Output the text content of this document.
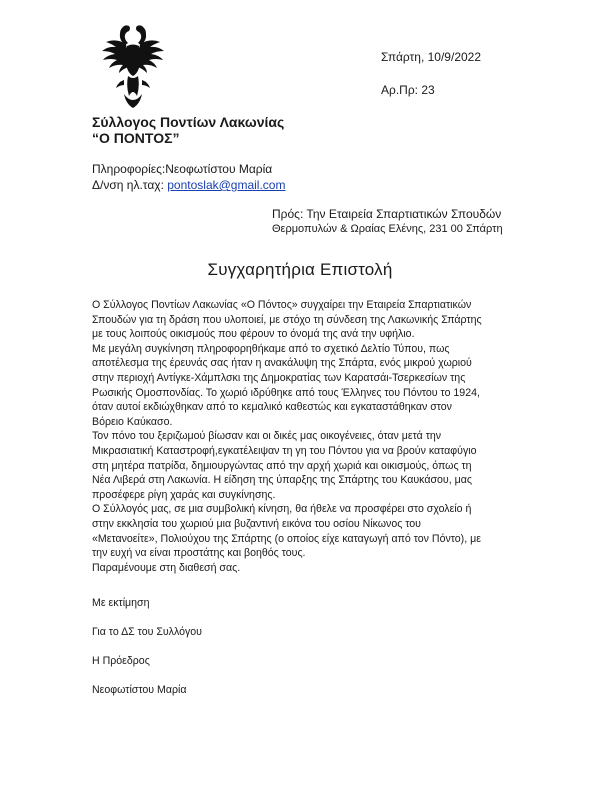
Σπάρτη, 10/9/2022
Αρ.Πρ: 23
Σύλλογος Ποντίων Λακωνίας
“Ο ΠΟΝΤΟΣ”
Πληροφορίες:Νεοφωτίστου Μαρία
Δ/νση ηλ.ταχ: pontoslak@gmail.com
Πρός: Την Εταιρεία Σπαρτιατικών Σπουδών
Θερμοπυλών & Ωραίας Ελένης, 231 00 Σπάρτη
Συγχαρητήρια Επιστολή
Ο Σύλλογος Ποντίων Λακωνίας «Ο Πόντος» συγχαίρει την Εταιρεία Σπαρτιατικών
Σπουδών για τη δράση που υλοποιεί, με στόχο τη σύνδεση της Λακωνικής Σπάρτης
με τους λοιπούς οικισμούς που φέρουν το όνομά της ανά την υφήλιο.
Με μεγάλη συγκίνηση πληροφορηθήκαμε από το σχετικό Δελτίο Τύπου, πως
αποτέλεσμα της έρευνάς σας ήταν η ανακάλυψη της Σπάρτα, ενός μικρού χωριού
στην περιοχή Αντίγκε-Χάμπλσκι της Δημοκρατίας των Καρατσάι-Τσερκεσίων της
Ρωσικής Ομοσπονδίας. Το χωριό ιδρύθηκε από τους Έλληνες του Πόντου το 1924,
όταν αυτοί εκδιώχθηκαν από το κεμαλικό καθεστώς και εγκαταστάθηκαν στον
Βόρειο Καύκασο.
Τον πόνο του ξεριζωμού βίωσαν και οι δικές μας οικογένειες, όταν μετά την
Μικρασιατική Καταστροφή,εγκατέλειψαν τη γη του Πόντου για να βρούν καταφύγιο
στη μητέρα πατρίδα, δημιουργώντας από την αρχή χωριά και οικισμούς, όπως τη
Νέα Λιβερά στη Λακωνία. Η είδηση της ύπαρξης της Σπάρτης του Καυκάσου, μας
προσέφερε ρίγη χαράς και συγκίνησης.
Ο Σύλλογός μας, σε μια συμβολική κίνηση, θα ήθελε να προσφέρει στο σχολείο ή
στην εκκλησία του χωριού μια βυζαντινή εικόνα του οσίου Νίκωνος του
«Μετανοείτε», Πολιούχου της Σπάρτης (ο οποίος είχε καταγωγή από τον Πόντο), με
την ευχή να είναι προστάτης και βοηθός τους.
Παραμένουμε στη διαθεσή σας.
Με εκτίμηση
Για το ΔΣ του Συλλόγου
Η Πρόεδρος
Νεοφωτίστου Μαρία
